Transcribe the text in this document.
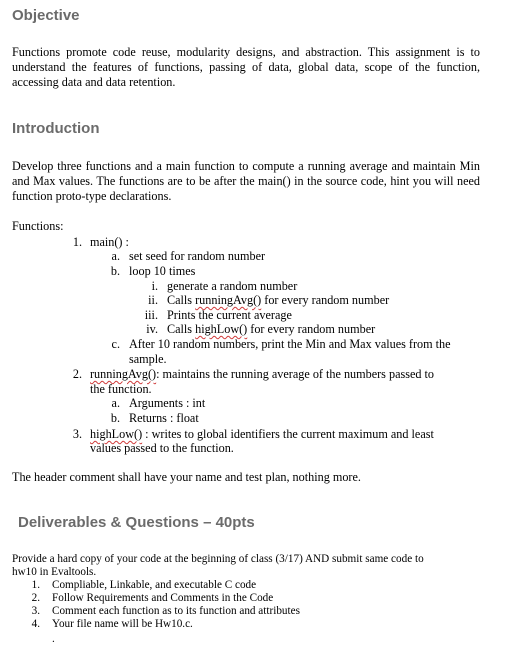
Objective

Functions promote code reuse, modularity designs, and abstraction. This assignment is to understand the features of functions, passing of data, global data, scope of the function, accessing data and data retention.

Introduction

Develop three functions and a main function to compute a running average and maintain Min and Max values. The functions are to be after the main() in the source code, hint you will need function proto-type declarations.

Functions:

1. main() :

a. set seed for random number

b. loop 10 times

i. generate a random number

ii. Calls runningAvg() for every random number

iii. Prints the current average

iv. Calls highLow() for every random number

c. After 10 random numbers, print the Min and Max values from the

sample.

2. runningAvg(): maintains the running average of the numbers passed to

the function.

a. Arguments : int

b. Returns : float

3. highLow() : writes to global identifiers the current maximum and least

values passed to the function.

The header comment shall have your name and test plan, nothing more.

Deliverables & Questions – 40pts

Provide a hard copy of your code at the beginning of class (3/17) AND submit same code to

hw10 in Evaltools.

1. Compliable, Linkable, and executable C code

2. Follow Requirements and Comments in the Code

3. Comment each function as to its function and attributes

4. Your file name will be Hw10.c.

.
